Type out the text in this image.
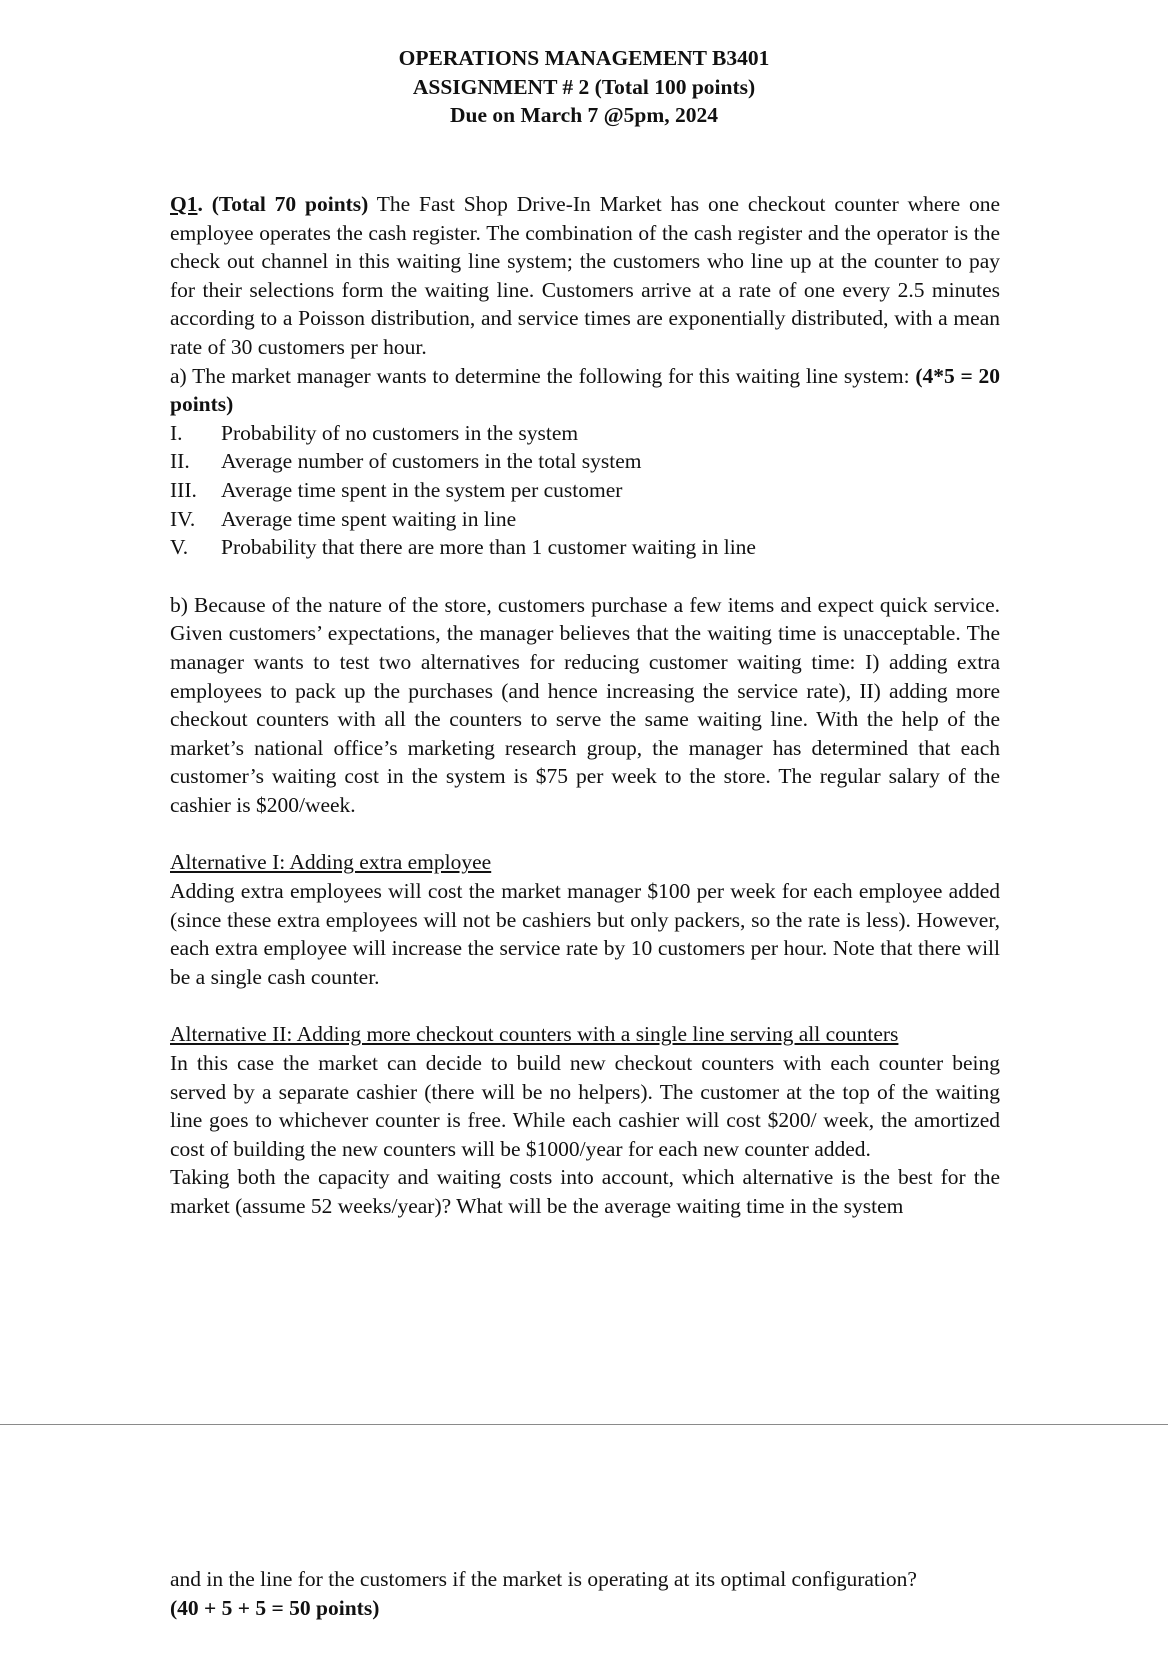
OPERATIONS MANAGEMENT B3401
ASSIGNMENT # 2 (Total 100 points)
Due on March 7 @5pm, 2024

Q1. (Total 70 points) The Fast Shop Drive-In Market has one checkout counter where one employee operates the cash register. The combination of the cash register and the operator is the check out channel in this waiting line system; the customers who line up at the counter to pay for their selections form the waiting line. Customers arrive at a rate of one every 2.5 minutes according to a Poisson distribution, and service times are exponentially distributed, with a mean rate of 30 customers per hour.

a) The market manager wants to determine the following for this waiting line system: (4*5 = 20 points)

I.	Probability of no customers in the system
II.	Average number of customers in the total system
III.	Average time spent in the system per customer
IV.	Average time spent waiting in line
V.	Probability that there are more than 1 customer waiting in line

b) Because of the nature of the store, customers purchase a few items and expect quick service. Given customers’ expectations, the manager believes that the waiting time is unacceptable. The manager wants to test two alternatives for reducing customer waiting time: I) adding extra employees to pack up the purchases (and hence increasing the service rate), II) adding more checkout counters with all the counters to serve the same waiting line. With the help of the market’s national office’s marketing research group, the manager has determined that each customer’s waiting cost in the system is $75 per week to the store. The regular salary of the cashier is $200/week.

Alternative I: Adding extra employee

Adding extra employees will cost the market manager $100 per week for each employee added (since these extra employees will not be cashiers but only packers, so the rate is less). However, each extra employee will increase the service rate by 10 customers per hour. Note that there will be a single cash counter.

Alternative II: Adding more checkout counters with a single line serving all counters

In this case the market can decide to build new checkout counters with each counter being served by a separate cashier (there will be no helpers). The customer at the top of the waiting line goes to whichever counter is free. While each cashier will cost $200/ week, the amortized cost of building the new counters will be $1000/year for each new counter added.

Taking both the capacity and waiting costs into account, which alternative is the best for the market (assume 52 weeks/year)? What will be the average waiting time in the system

and in the line for the customers if the market is operating at its optimal configuration?

(40 + 5 + 5 = 50 points)
